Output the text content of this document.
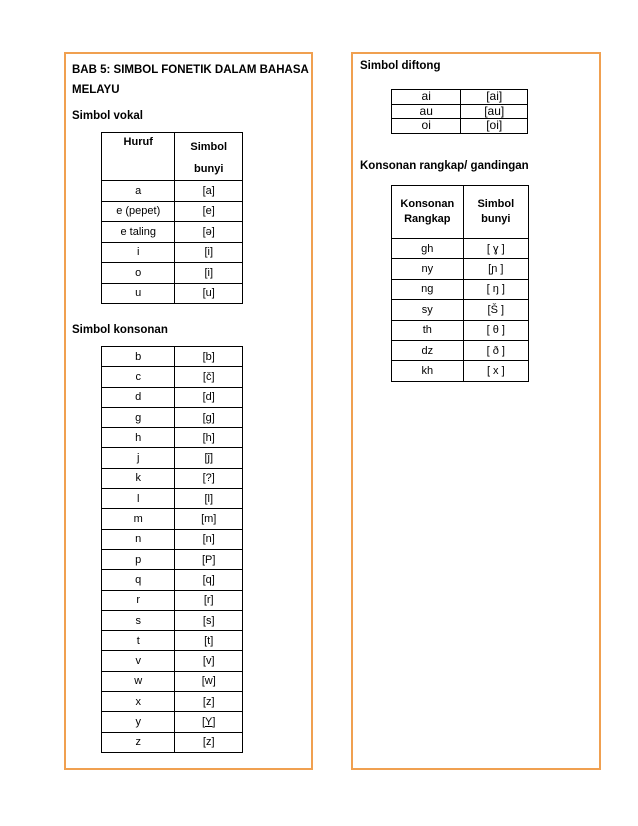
BAB 5: SIMBOL FONETIK DALAM BAHASA
MELAYU
Simbol vokal
Huruf	Simbol
bunyi
a	[a]
e (pepet)	[e]
e taling	[ə]
i	[i]
o	[i]
u	[u]
Simbol konsonan
b	[b]
c	[č]
d	[d]
g	[g]
h	[h]
j	[ĵ]
k	[?]
l	[l]
m	[m]
n	[n]
p	[P]
q	[q]
r	[r]
s	[s]
t	[t]
v	[v]
w	[w]
x	[z]
y	[Y]
z	[z]
Simbol diftong
ai	[ai]
au	[au]
oi	[oi]
Konsonan rangkap/ gandingan
Konsonan
Rangkap	Simbol
bunyi
gh	[ ɣ ]
ny	[ɲ ]
ng	[ ŋ ]
sy	[Š ]
th	[ θ ]
dz	[ ð ]
kh	[ x ]
